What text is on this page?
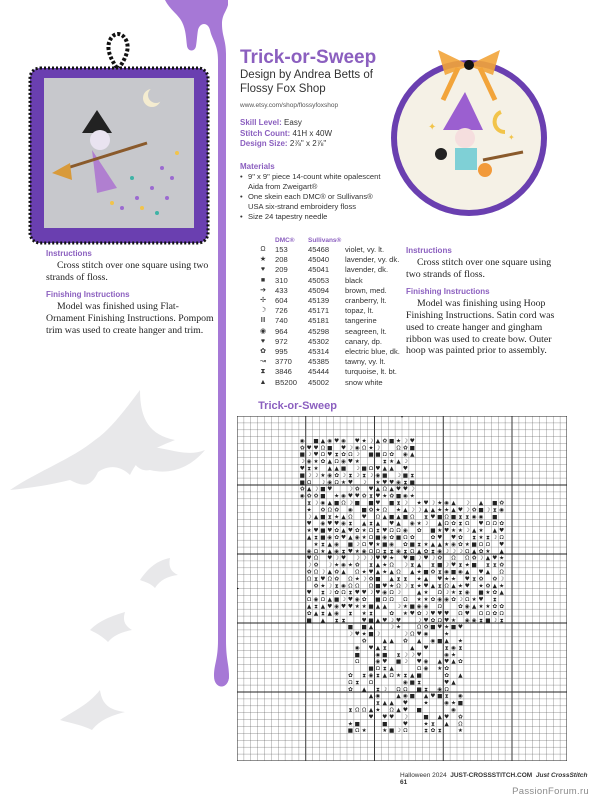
✦
✦
Trick-or-Sweep
Design by Andrea Betts of Flossy Fox Shop
www.etsy.com/shop/flossyfoxshop
Skill Level: Easy
Stitch Count: 41H x 40W
Design Size: 2⅞" x 2⅞"
Materials
• 9" x 9" piece 14-count white opalescent Aida from Zweigart®
• One skein each DMC® or Sullivans® USA six-strand embroidery floss
• Size 24 tapestry needle
	DMC®	Sullivans®	
Ω	153	45468	violet, vy. lt.
★	208	45040	lavender, vy. dk.
♥	209	45041	lavender, dk.
■	310	45053	black
➔	433	45094	brown, med.
✢	604	45139	cranberry, lt.
☽	726	45171	topaz, lt.
Ⅲ	740	45181	tangerine
◉	964	45298	seagreen, lt.
♥	972	45302	canary, dp.
✿	995	45314	electric blue, dk.
↝	3770	45385	tawny, vy. lt.
⧗	3846	45444	turquoise, lt. bt.
▲	B5200	45002	snow white
Instructions

Cross stitch over one square using two strands of floss.

Finishing Instructions

Model was finished using Flat-Ornament Finishing Instructions. Pompom trim was used to create hanger and trim.

Instructions

Cross stitch over one square using two strands of floss.

Finishing Instructions

Model was finishing using Hoop Finishing Instructions. Satin cord was used to create hanger and gingham ribbon was used to create bow. Outer hoop was painted prior to assembly.

Trick-or-Sweep
◉ ■ ▲ ◉ ♥ ◉ ♥ ★ ☽ ▲ ✿ ■ ★ ☽ ♥
✿ ♥ ♥ Ω ■ ♥ ☽ ◉ Ω ★ ☽	Ω ✿ ■
■ ☽ ♥ Ω ♥ ⧗ ✿ Ω ☽ ■ ■ Ω ✿ ◉ ▲
☽ ◉ ★ ✿ ▲ Ω ◉ ♥ ★	⧗ ★ ▲ ☽
♥ ⧗ ★ ▲ ▲ ■ ☽ ■ Ω ♥ ▲ ▲ ♥
■ ☽ ☽ ★ ◉ ✿ ☽ ⧗ ☽ ⧗ ☽ ◉ ■ ☽ ■ ⧗
■ Ω ☽ ◉ Ω ★ ♥ ☽ ★ ♥ ♥ ◉ ⧗ ■
✿ ▲ ☽ ■ ♥	☽ ✿ ♥ ▲ Ω ▲ ♥ ♥ ☽
◉ ✿ ✿ ■ ★ ◉ ♥ ♥ ✿ ⧗ ♥ ★ ✿ ■ ◉ ★
⧗ ☽ ◉ ▲ ■ Ω ☽ ■ ■ ♥ ■ ⧗ ☽ ★ ♥ ☽ ★ ◉ ▲ ☽ ▲ ■ ✿
★ ✿ Ω ✿ ◉ ■ ✿ ★ Ω ★ ▲ ☽ ☽ ▲ ▲ ★ ★ ▲ ♥ ☽ ✿ ■ ☽ ⧗ ◉
☽ ▲ ■ ⧗ ★ ▲ Ω ♥ Ω ▲ ■ ▲ ■ Ω ⧗ ♥ ■ Ω ■ ⧗ ⧗ ◉ ◉ ■
♥ ◉ ♥ ♥ ◉ ⧗ ▲ ⧗ ▲ ♥ ▲ ◉ ★ ☽ ▲ Ω ✿ ⧗ Ω ♥ Ω Ω ✿
★ ♥ ■ ♥ ✿ ▲ ♥ ✿ ★ Ω ⧗ ♥ Ω Ω ◉ ✿ ■ ★ ♥ ★ ★ ☽ ▲ ★ ▲ ♥
▲ ⧗ ■ ◉ ✿ ♥ ▲ ◉ ★ Ω ■ ◉ ✿ ■ Ω ✿	✿ ♥ ♥ ✿ ⧗ ★ ⧗ ☽ Ω
★ ⧗ ▲ ◉ ■ ☽ Ω ♥ ★ ■ ◉ ✿ ■ ⧗ ★ ▲ ▲ ★ ◉ ✿ ★ ■ Ω Ω ♥
◉ Ω ★ ▲ ◉ ⧗ ♥ ★ ◉ Ω Ω ⧗ ⧗ ◉ ⧗ Ω ▲ ✿ ⧗ ◉ ☽ ☽ ☽ Ω ▲ ✿ ★ ▲
♥ Ω ♥ ☽ ♥ ☽ ☽ ☽ ♥ ♥ ★ ♥ ■ ☽ ♥ ☽ ✿ Ω Ω ✿ ☽ ▲ ♥ ★
☽ ✿ ☽ ★ ◉ ★ ✿ ⧗ ▲ ★ Ω ☽ ⧗ ▲ ⧗ ■ ☽ ♥ ⧗ ★ ■ ⧗ ⧗ ✿
✿ Ω ☽ ▲ ✿ ▲ Ω ★ ♥ ▲ ★ ▲ Ω ▲ ★ ■ ✿ ⧗ ◉ ■ ◉ ▲ ♥ ▲ Ω
Ω ⧗ ♥ Ω ✿ Ω ★ ☽ ✿ ■ ▲ ⧗ ⧗ ★ ▲ ♥ ★ ★ ♥ ⧗ ✿ ✿ ☽
✿ ★ ☽ ⧗ ◉ Ω Ω Ω ■ ♥ ★ Ω ☽ ⧗ ★ ♥ ▲ ⧗ Ω ▲ ★ ♥ ★ ✿ ▲ ★
♥ ⧗ ☽ ✿ Ω ⧗ ♥ ♥ ☽ ♥ ◉ Ω ☽	▲ ★ Ω ☽ ★ ⧗ ◉ ■ ★ ✿ ▲
Ω ◉ Ω ▲ ■ ☽ ♥ ◉ ✿ ■ Ω Ω Ω ★ ★ ✿ ◉ ◉ ✿ ☽ Ω ★ ♥ ⧗
▲ ⧗ ▲ ♥ ◉ ♥ ♥ ★ ★ ■ ▲ ▲ ☽ ★ ■ ◉ ◉ Ω	✿ ◉ ▲ ★ ★ ✿ ✿
✿ ▲ ⧗ ▲ ◉ ⧗ ★ ⧗	✿ ★ ♥ ✿ ☽ ♥ ♥ ♥ Ω ♥ Ω Ω ✿ Ω
■ ▲ ⧗ ⧗	♥ ■ ▲ ♥ ☽ ♥	☽ ♥ ✿ Ω ♥ ★ ◉ ◉ ⧗ ■ ☽ ⧗
■ ■ ▲	☽ ★	Ω ✿ ■ ♥ ★ ■ ♥
☽ ♥ ★ ■ ☽	☽ Ω ♥ ◉	★
✿	▲ ▲ ✿ ▲ ◉ ■ ▲ ★
◉ ♥ ▲ ⧗	▲ ♥	⧗ ◉ ⧗
■	◉ ■ ⧗ ☽ ☽ ♥	◉ ★
Ω	◉ ♥ ■ ☽ ♥ ◉ ▲ ♥ ▲ ✿
■ Ω ⧗ ▲	Ω ◉ ★ ✿
✿ ⧗ ◉ ⧗ ▲ Ω ★ ⧗ ▲ ■	✿ ▲
Ω ⧗ Ω	◉ ■ ⧗	♥ ▲
✿ ▲ ⧗ ☽ Ω Ω ■ ⧗ ◉ Ω
▲ ◉	▲ ◉ ■ ▲ ♥ ■ ⧗ ◉
⧗ ▲ ▲ ♥	★	◉ ★ ■
⧗ Ω Ω ▲ ★ Ω ▲ ♥ ■	◉
♥ ♥ ♥ ☽	■ ▲ ♥ ✿
★ ■	■	♥	★ ⧗ ▲ Ω
■ Ω ★	★ ■ ☽ Ω	⧗ ✿ ⧗	★
Halloween 2024 JUST-CROSSSTITCH.COM Just CrossStitch   61
PassionForum.ru
